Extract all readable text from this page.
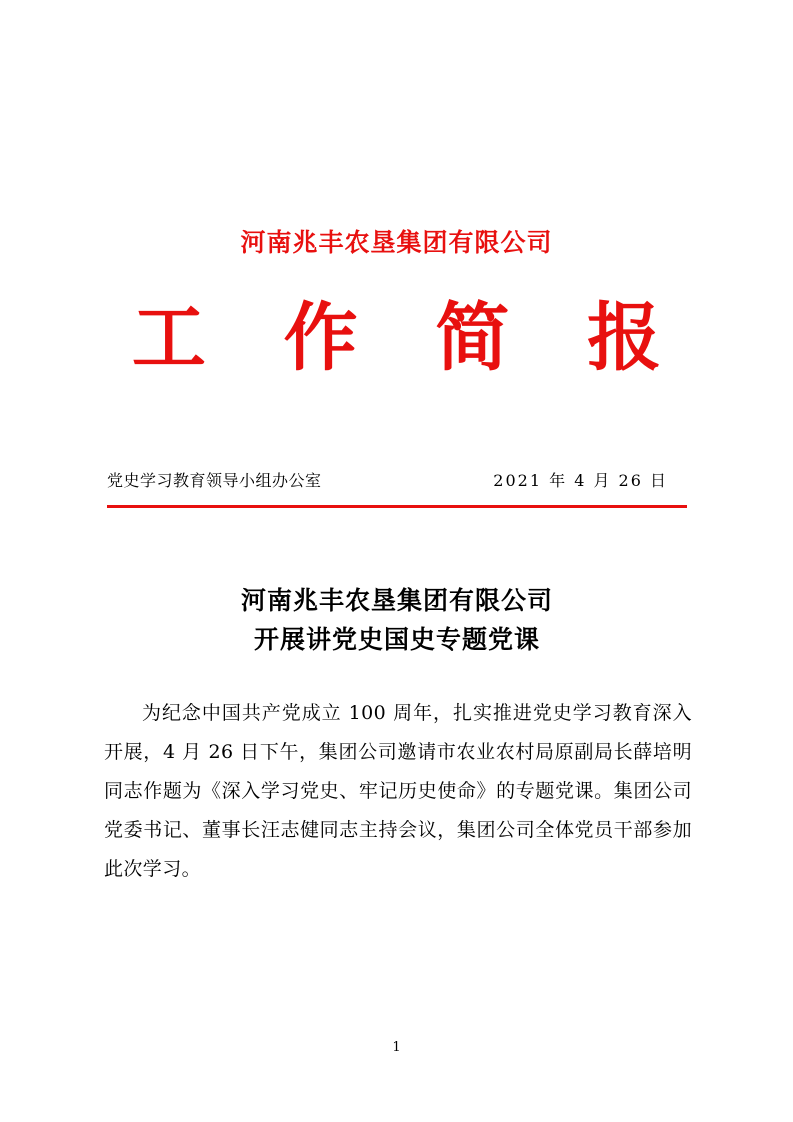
河南兆丰农垦集团有限公司
工 作 简 报
党史学习教育领导小组办公室	2021 年 4 月 26 日
河南兆丰农垦集团有限公司
开展讲党史国史专题党课

为纪念中国共产党成立 100 周年，扎实推进党史学习教育深入开展，4 月 26 日下午，集团公司邀请市农业农村局原副局长薛培明同志作题为《深入学习党史、牢记历史使命》的专题党课。集团公司党委书记、董事长汪志健同志主持会议，集团公司全体党员干部参加此次学习。

1
